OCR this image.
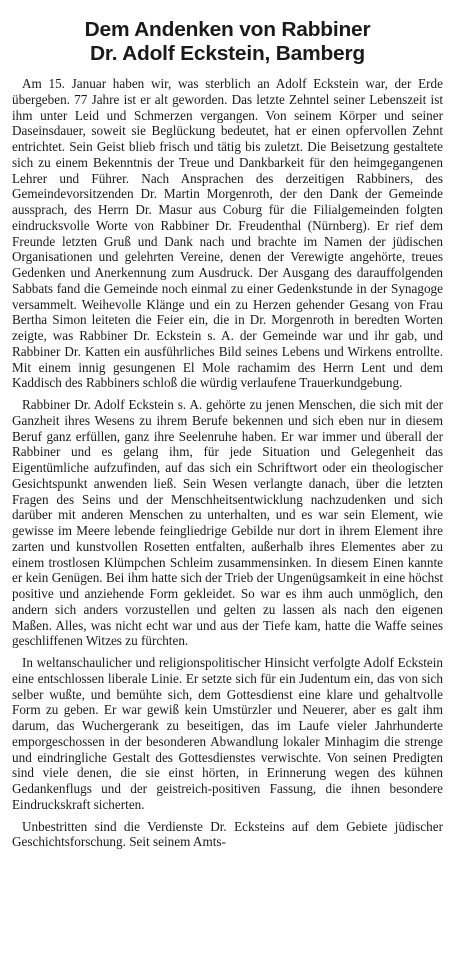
Dem Andenken von Rabbiner
Dr. Adolf Eckstein, Bamberg

Am 15. Januar haben wir, was sterblich an Adolf Eckstein war, der Erde übergeben. 77 Jahre ist er alt geworden. Das letzte Zehntel seiner Lebenszeit ist ihm unter Leid und Schmerzen vergangen. Von seinem Körper und seiner Daseinsdauer, soweit sie Beglückung bedeutet, hat er einen opfervollen Zehnt entrichtet. Sein Geist blieb frisch und tätig bis zuletzt. Die Beisetzung gestaltete sich zu einem Bekenntnis der Treue und Dankbarkeit für den heimgegangenen Lehrer und Führer. Nach Ansprachen des derzeitigen Rabbiners, des Gemeindevorsitzenden Dr. Martin Morgenroth, der den Dank der Gemeinde aussprach, des Herrn Dr. Masur aus Coburg für die Filialgemeinden folgten eindrucksvolle Worte von Rabbiner Dr. Freudenthal (Nürnberg). Er rief dem Freunde letzten Gruß und Dank nach und brachte im Namen der jüdischen Organisationen und gelehrten Vereine, denen der Verewigte angehörte, treues Gedenken und Anerkennung zum Ausdruck. Der Ausgang des darauffolgenden Sabbats fand die Gemeinde noch einmal zu einer Gedenkstunde in der Synagoge versammelt. Weihevolle Klänge und ein zu Herzen gehender Gesang von Frau Bertha Simon leiteten die Feier ein, die in Dr. Morgenroth in beredten Worten zeigte, was Rabbiner Dr. Eckstein s. A. der Gemeinde war und ihr gab, und Rabbiner Dr. Katten ein ausführliches Bild seines Lebens und Wirkens entrollte. Mit einem innig gesungenen El Mole rachamim des Herrn Lent und dem Kaddisch des Rabbiners schloß die würdig verlaufene Trauerkundgebung.

Rabbiner Dr. Adolf Eckstein s. A. gehörte zu jenen Menschen, die sich mit der Ganzheit ihres Wesens zu ihrem Berufe bekennen und sich eben nur in diesem Beruf ganz erfüllen, ganz ihre Seelenruhe haben. Er war immer und überall der Rabbiner und es gelang ihm, für jede Situation und Gelegenheit das Eigentümliche aufzufinden, auf das sich ein Schriftwort oder ein theologischer Gesichtspunkt anwenden ließ. Sein Wesen verlangte danach, über die letzten Fragen des Seins und der Menschheitsentwicklung nachzudenken und sich darüber mit anderen Menschen zu unterhalten, und es war sein Element, wie gewisse im Meere lebende feingliedrige Gebilde nur dort in ihrem Element ihre zarten und kunstvollen Rosetten entfalten, außerhalb ihres Elementes aber zu einem trostlosen Klümpchen Schleim zusammensinken. In diesem Einen kannte er kein Genügen. Bei ihm hatte sich der Trieb der Ungenügsamkeit in eine höchst positive und anziehende Form gekleidet. So war es ihm auch unmöglich, den andern sich anders vorzustellen und gelten zu lassen als nach den eigenen Maßen. Alles, was nicht echt war und aus der Tiefe kam, hatte die Waffe seines geschliffenen Witzes zu fürchten.

In weltanschaulicher und religionspolitischer Hinsicht verfolgte Adolf Eckstein eine entschlossen liberale Linie. Er setzte sich für ein Judentum ein, das von sich selber wußte, und bemühte sich, dem Gottesdienst eine klare und gehaltvolle Form zu geben. Er war gewiß kein Umstürzler und Neuerer, aber es galt ihm darum, das Wuchergerank zu beseitigen, das im Laufe vieler Jahrhunderte emporgeschossen in der besonderen Abwandlung lokaler Minhagim die strenge und eindringliche Gestalt des Gottesdienstes verwischte. Von seinen Predigten sind viele denen, die sie einst hörten, in Erinnerung wegen des kühnen Gedankenflugs und der geistreich-positiven Fassung, die ihnen besondere Eindruckskraft sicherten.

Unbestritten sind die Verdienste Dr. Ecksteins auf dem Gebiete jüdischer Geschichtsforschung. Seit seinem Amts-
